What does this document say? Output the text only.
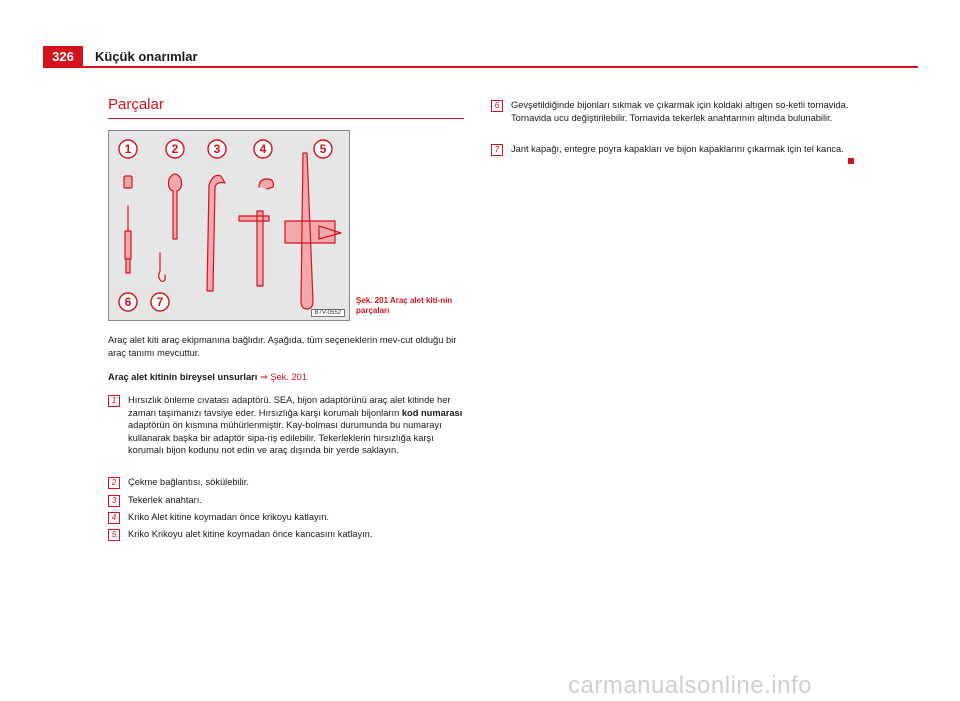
326	Küçük onarımlar
Parçalar
1	2	3	4	5
6 7
B7V-0552
Şek. 201 Araç alet kiti-nin parçaları
Araç alet kiti araç ekipmanına bağlıdır. Aşağıda, tüm seçeneklerin mev-cut olduğu bir araç tanımı mevcuttur.
Araç alet kitinin bireysel unsurları ⇒ Şek. 201
1	Hırsızlık önleme cıvatası adaptörü. SEA, bijon adaptörünü araç alet kitinde her zaman taşımanızı tavsiye eder. Hırsızlığa karşı korumalı bijonların kod numarası adaptörün ön kısmına mühürlenmiştir. Kay-bolması durumunda bu numarayı kullanarak başka bir adaptör sipa-riş edilebilir. Tekerleklerin hırsızlığa karşı korumalı bijon kodunu not edin ve araç dışında bir yerde saklayın.
2	Çekme bağlantısı, sökülebilir.
3	Tekerlek anahtarı.
4	Kriko Alet kitine koymadan önce krikoyu katlayın.
5	Kriko Krikoyu alet kitine koymadan önce kancasını katlayın.
6	Gevşetildiğinde bijonları sıkmak ve çıkarmak için koldaki altıgen so-ketli tornavida. Tornavida ucu değiştirilebilir. Tornavida tekerlek anahtarının altında bulunabilir.
7	Jant kapağı, entegre poyra kapakları ve bijon kapaklarını çıkarmak için tel kanca.
carmanualsonline.info
